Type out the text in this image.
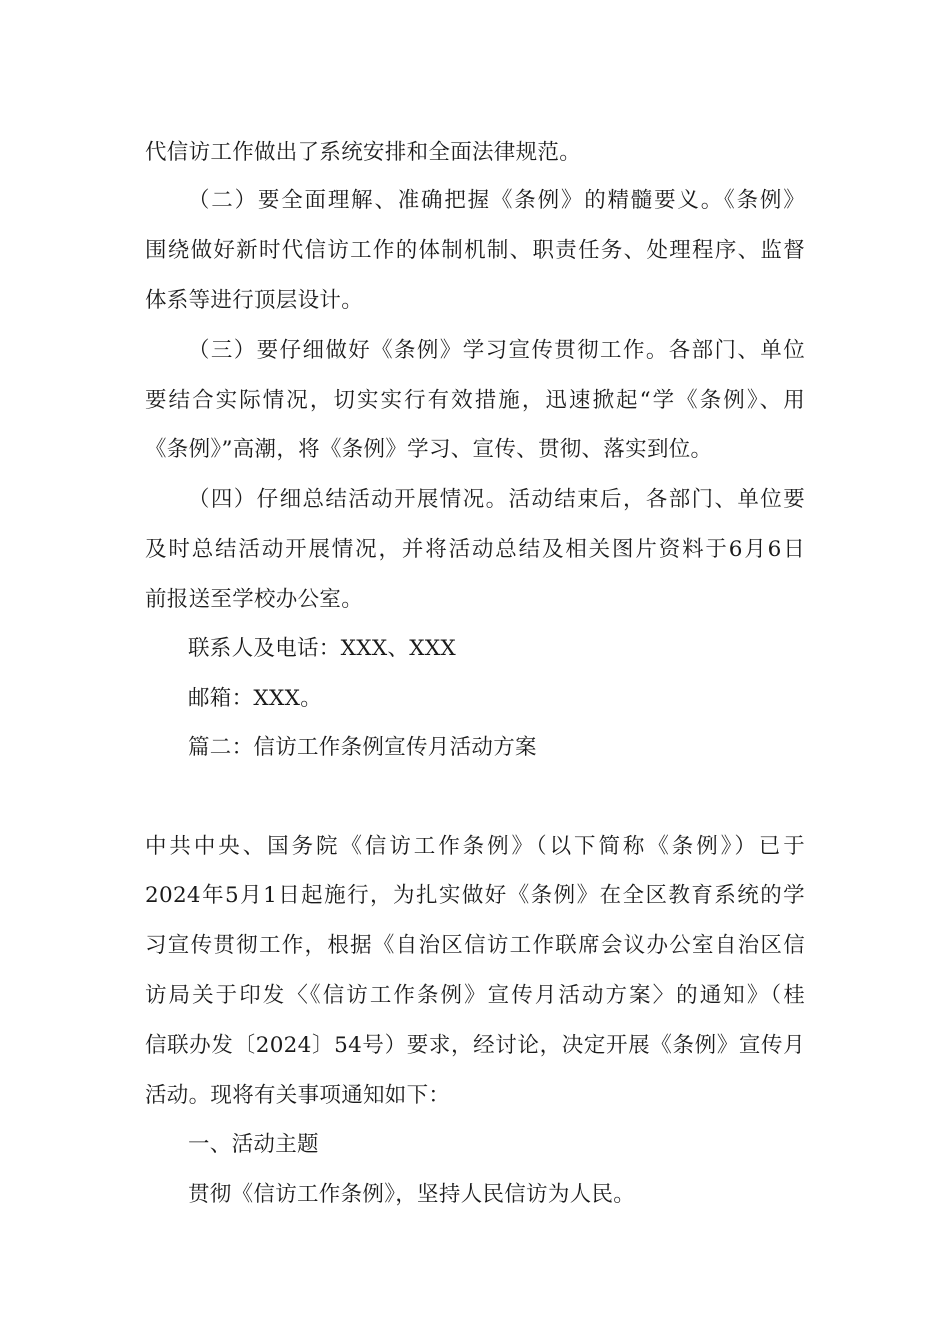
代信访工作做出了系统安排和全面法律规范。
（二）要全面理解、准确把握《条例》的精髓要义。《条例》
围绕做好新时代信访工作的体制机制、职责任务、处理程序、监督
体系等进行顶层设计。
（三）要仔细做好《条例》学习宣传贯彻工作。各部门、单位
要结合实际情况，切实实行有效措施，迅速掀起“学《条例》、用
《条例》”高潮，将《条例》学习、宣传、贯彻、落实到位。
（四）仔细总结活动开展情况。活动结束后，各部门、单位要
及时总结活动开展情况，并将活动总结及相关图片资料于6月6日
前报送至学校办公室。
联系人及电话：XXX、XXX
邮箱：XXX。
篇二：信访工作条例宣传月活动方案
中共中央、国务院《信访工作条例》（以下简称《条例》）已于
2024年5月1日起施行，为扎实做好《条例》在全区教育系统的学
习宣传贯彻工作，根据《自治区信访工作联席会议办公室自治区信
访局关于印发〈《信访工作条例》宣传月活动方案〉的通知》（桂
信联办发〔2024〕54号）要求，经讨论，决定开展《条例》宣传月
活动。现将有关事项通知如下：
一、活动主题
贯彻《信访工作条例》，坚持人民信访为人民。
